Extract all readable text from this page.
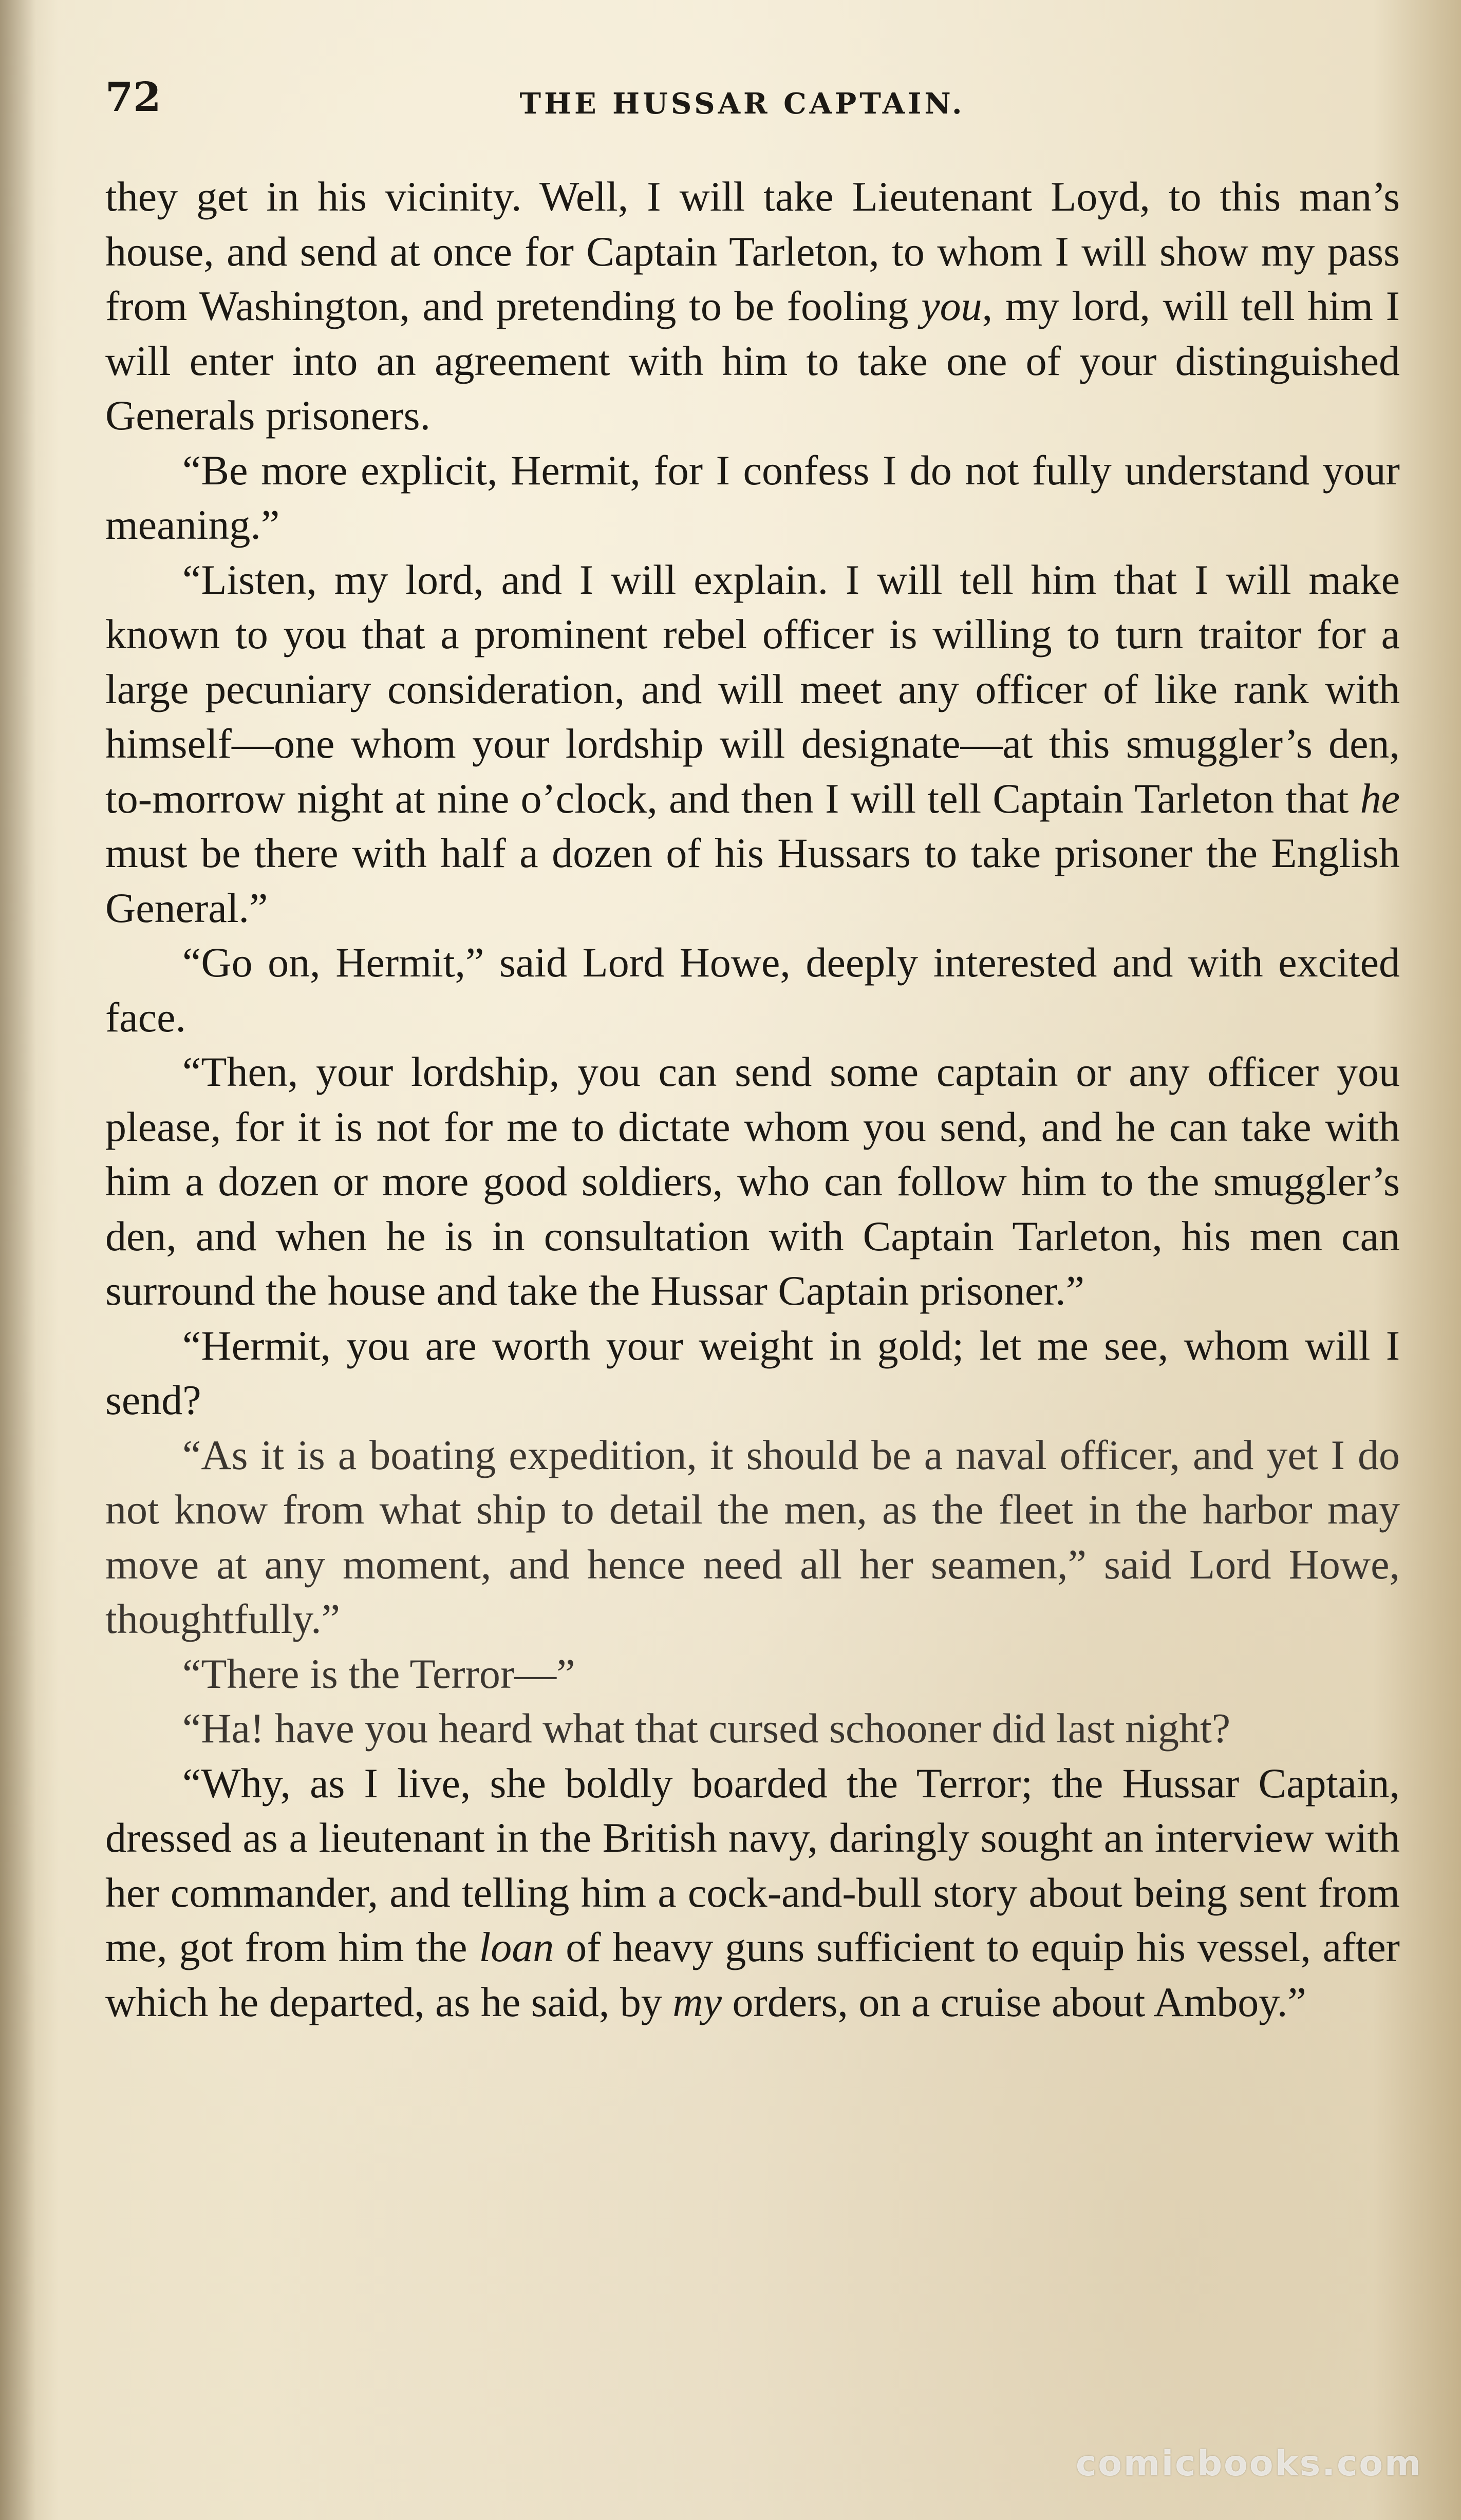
72	THE HUSSAR CAPTAIN.

they get in his vicinity. Well, I will take Lieutenant Loyd, to this man’s house, and send at once for Captain Tarleton, to whom I will show my pass from Washington, and pretending to be fooling you, my lord, will tell him I will enter into an agreement with him to take one of your distinguished Generals prisoners.

“Be more explicit, Hermit, for I confess I do not fully understand your meaning.”

“Listen, my lord, and I will explain. I will tell him that I will make known to you that a prominent rebel officer is willing to turn traitor for a large pecuniary consideration, and will meet any officer of like rank with himself—one whom your lordship will designate—at this smuggler’s den, to-morrow night at nine o’clock, and then I will tell Captain Tarleton that he must be there with half a dozen of his Hussars to take prisoner the English General.”

“Go on, Hermit,” said Lord Howe, deeply interested and with excited face.

“Then, your lordship, you can send some captain or any officer you please, for it is not for me to dictate whom you send, and he can take with him a dozen or more good soldiers, who can follow him to the smuggler’s den, and when he is in consultation with Captain Tarleton, his men can surround the house and take the Hussar Captain prisoner.”

“Hermit, you are worth your weight in gold; let me see, whom will I send?

“As it is a boating expedition, it should be a naval officer, and yet I do not know from what ship to detail the men, as the fleet in the harbor may move at any moment, and hence need all her seamen,” said Lord Howe, thoughtfully.”

“There is the Terror—”

“Ha! have you heard what that cursed schooner did last night?

“Why, as I live, she boldly boarded the Terror; the Hussar Captain, dressed as a lieutenant in the British navy, daringly sought an interview with her commander, and telling him a cock-and-bull story about being sent from me, got from him the loan of heavy guns sufficient to equip his vessel, after which he departed, as he said, by my orders, on a cruise about Amboy.”

comicbooks.com
